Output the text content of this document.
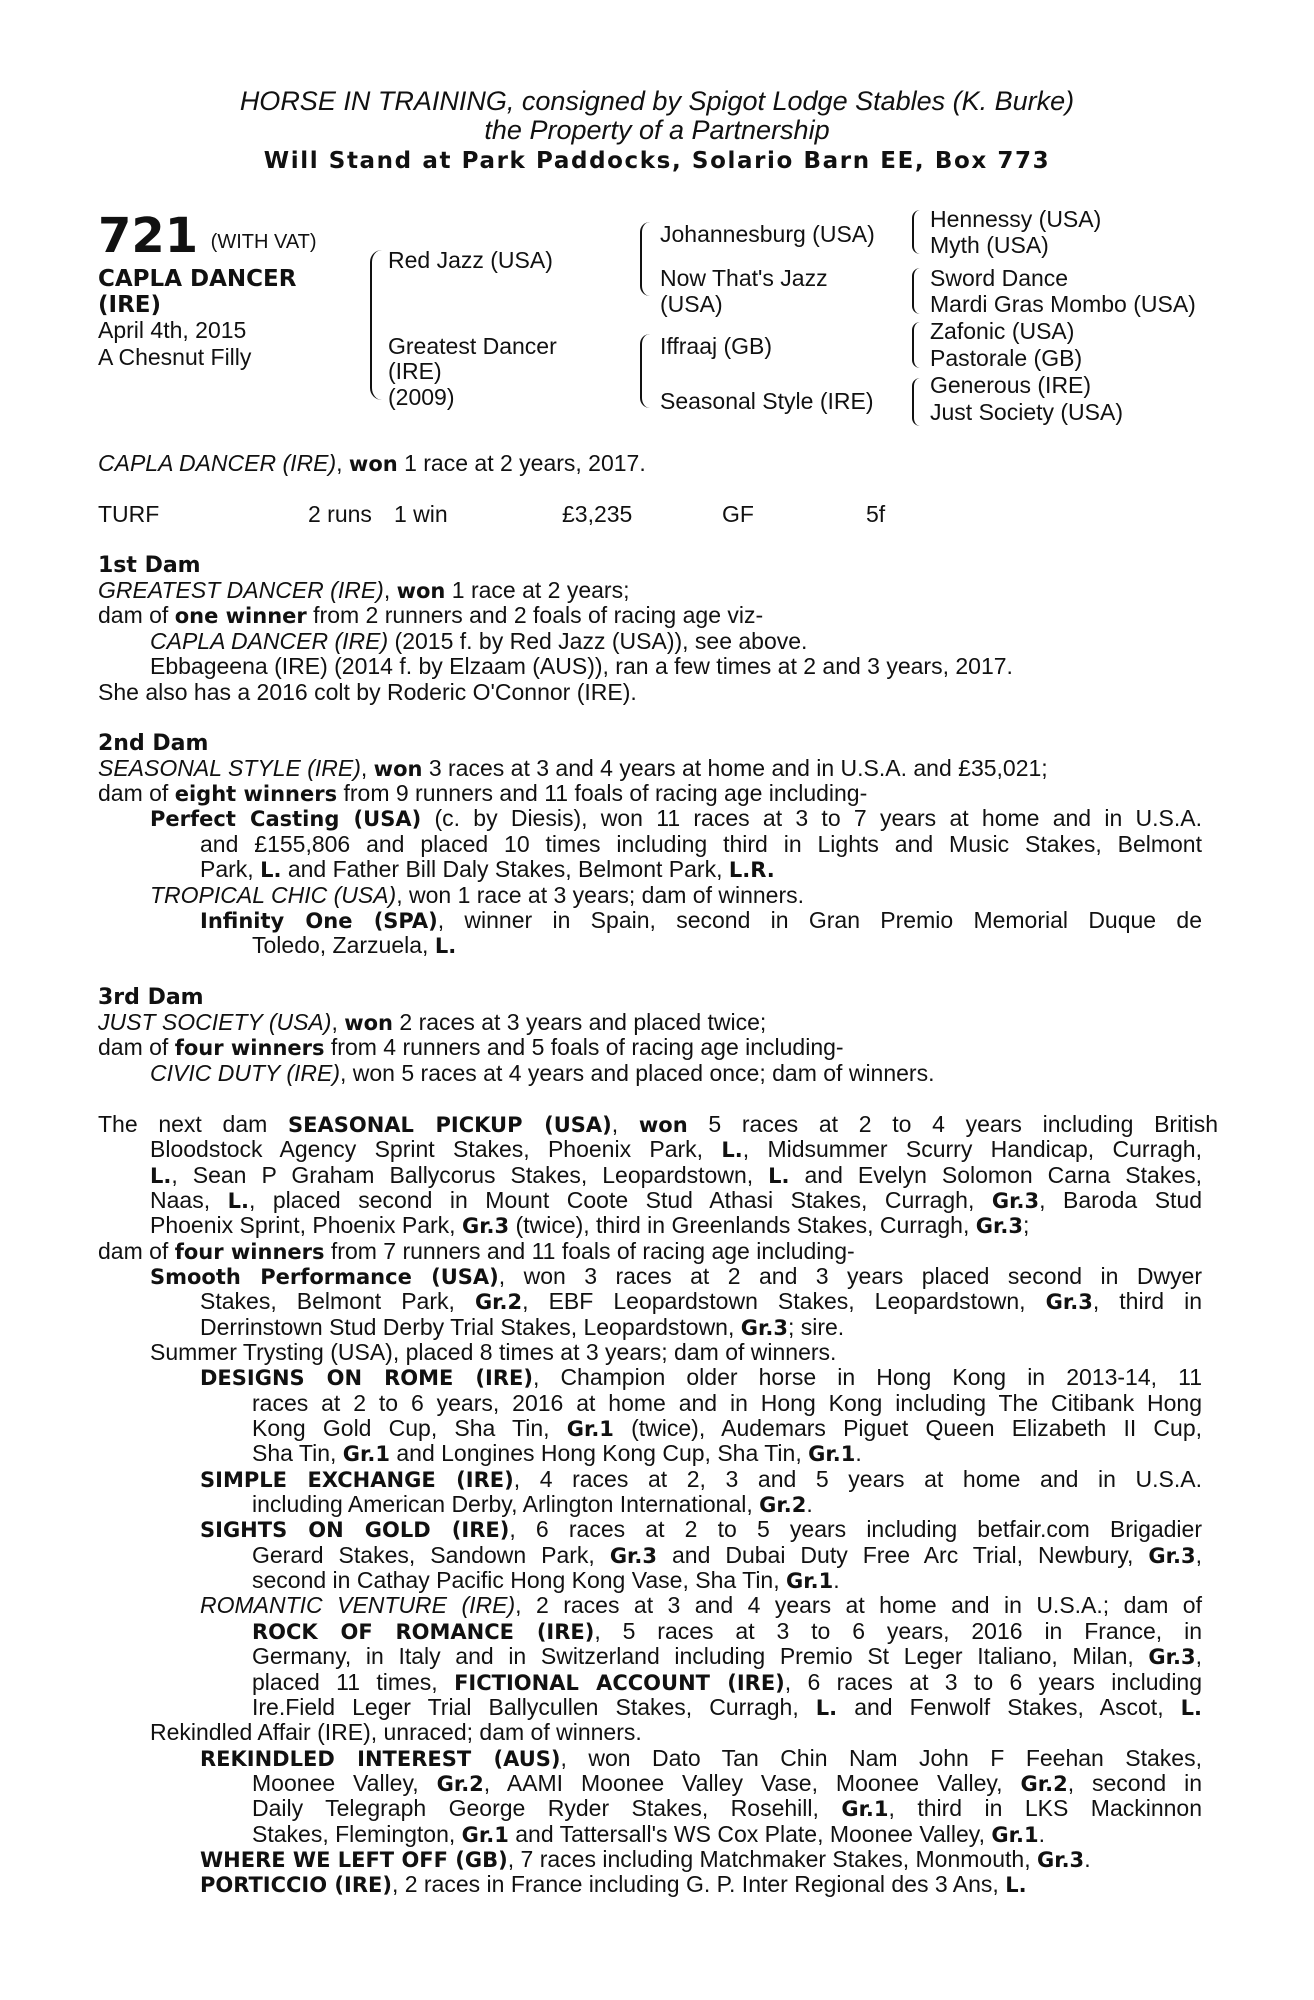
HORSE IN TRAINING, consigned by Spigot Lodge Stables (K. Burke)
the Property of a Partnership
Will Stand at Park Paddocks, Solario Barn EE, Box 773
721 (WITH VAT)
CAPLA DANCER
(IRE)
April 4th, 2015
A Chesnut Filly
Red Jazz (USA)
Greatest Dancer
(IRE)
(2009)
Johannesburg (USA)
Now That's Jazz
(USA)
Iffraaj (GB)
Seasonal Style (IRE)
Hennessy (USA)
Myth (USA)
Sword Dance
Mardi Gras Mombo (USA)
Zafonic (USA)
Pastorale (GB)
Generous (IRE)
Just Society (USA)
CAPLA DANCER (IRE), won 1 race at 2 years, 2017.
TURF	2 runs 1 win	£3,235	GF	5f
1st Dam
GREATEST DANCER (IRE), won 1 race at 2 years;
dam of one winner from 2 runners and 2 foals of racing age viz-
CAPLA DANCER (IRE) (2015 f. by Red Jazz (USA)), see above.
Ebbageena (IRE) (2014 f. by Elzaam (AUS)), ran a few times at 2 and 3 years, 2017.
She also has a 2016 colt by Roderic O'Connor (IRE).
2nd Dam
SEASONAL STYLE (IRE), won 3 races at 3 and 4 years at home and in U.S.A. and £35,021;
dam of eight winners from 9 runners and 11 foals of racing age including-
Perfect Casting (USA) (c. by Diesis), won 11 races at 3 to 7 years at home and in U.S.A.
and £155,806 and placed 10 times including third in Lights and Music Stakes, Belmont
Park, L. and Father Bill Daly Stakes, Belmont Park, L.R.
TROPICAL CHIC (USA), won 1 race at 3 years; dam of winners.
Infinity One (SPA), winner in Spain, second in Gran Premio Memorial Duque de
Toledo, Zarzuela, L.
3rd Dam
JUST SOCIETY (USA), won 2 races at 3 years and placed twice;
dam of four winners from 4 runners and 5 foals of racing age including-
CIVIC DUTY (IRE), won 5 races at 4 years and placed once; dam of winners.
The next dam SEASONAL PICKUP (USA), won 5 races at 2 to 4 years including British
Bloodstock Agency Sprint Stakes, Phoenix Park, L., Midsummer Scurry Handicap, Curragh,
L., Sean P Graham Ballycorus Stakes, Leopardstown, L. and Evelyn Solomon Carna Stakes,
Naas, L., placed second in Mount Coote Stud Athasi Stakes, Curragh, Gr.3, Baroda Stud
Phoenix Sprint, Phoenix Park, Gr.3 (twice), third in Greenlands Stakes, Curragh, Gr.3;
dam of four winners from 7 runners and 11 foals of racing age including-
Smooth Performance (USA), won 3 races at 2 and 3 years placed second in Dwyer
Stakes, Belmont Park, Gr.2, EBF Leopardstown Stakes, Leopardstown, Gr.3, third in
Derrinstown Stud Derby Trial Stakes, Leopardstown, Gr.3; sire.
Summer Trysting (USA), placed 8 times at 3 years; dam of winners.
DESIGNS ON ROME (IRE), Champion older horse in Hong Kong in 2013-14, 11
races at 2 to 6 years, 2016 at home and in Hong Kong including The Citibank Hong
Kong Gold Cup, Sha Tin, Gr.1 (twice), Audemars Piguet Queen Elizabeth II Cup,
Sha Tin, Gr.1 and Longines Hong Kong Cup, Sha Tin, Gr.1.
SIMPLE EXCHANGE (IRE), 4 races at 2, 3 and 5 years at home and in U.S.A.
including American Derby, Arlington International, Gr.2.
SIGHTS ON GOLD (IRE), 6 races at 2 to 5 years including betfair.com Brigadier
Gerard Stakes, Sandown Park, Gr.3 and Dubai Duty Free Arc Trial, Newbury, Gr.3,
second in Cathay Pacific Hong Kong Vase, Sha Tin, Gr.1.
ROMANTIC VENTURE (IRE), 2 races at 3 and 4 years at home and in U.S.A.; dam of
ROCK OF ROMANCE (IRE), 5 races at 3 to 6 years, 2016 in France, in
Germany, in Italy and in Switzerland including Premio St Leger Italiano, Milan, Gr.3,
placed 11 times, FICTIONAL ACCOUNT (IRE), 6 races at 3 to 6 years including
Ire.Field Leger Trial Ballycullen Stakes, Curragh, L. and Fenwolf Stakes, Ascot, L.
Rekindled Affair (IRE), unraced; dam of winners.
REKINDLED INTEREST (AUS), won Dato Tan Chin Nam John F Feehan Stakes,
Moonee Valley, Gr.2, AAMI Moonee Valley Vase, Moonee Valley, Gr.2, second in
Daily Telegraph George Ryder Stakes, Rosehill, Gr.1, third in LKS Mackinnon
Stakes, Flemington, Gr.1 and Tattersall's WS Cox Plate, Moonee Valley, Gr.1.
WHERE WE LEFT OFF (GB), 7 races including Matchmaker Stakes, Monmouth, Gr.3.
PORTICCIO (IRE), 2 races in France including G. P. Inter Regional des 3 Ans, L.
